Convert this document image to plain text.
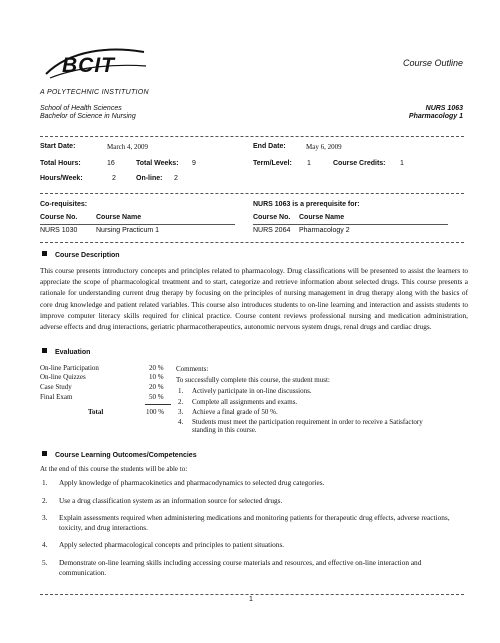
BCIT
A POLYTECHNIC INSTITUTION
Course Outline
School of Health Sciences
Bachelor of Science in Nursing
NURS 1063
Pharmacology 1
Start Date:	March 4, 2009	End Date:	May 6, 2009
Total Hours:	16	Total Weeks: 9	Term/Level: 1	Course Credits: 1
Hours/Week:	2	On-line: 2
Co-requisites:	NURS 1063 is a prerequisite for:
Course No.	Course Name	Course No. Course Name
NURS 1030	Nursing Practicum 1	NURS 2064 Pharmacology 2
Course Description
This course presents introductory concepts and principles related to pharmacology. Drug classifications will be presented to assist the learners to appreciate the scope of pharmacological treatment and to start, categorize and retrieve information about selected drugs. This course presents a rationale for understanding current drug therapy by focusing on the principles of nursing management in drug therapy along with the basics of core drug knowledge and patient related variables. This course also introduces students to on-line learning and interaction and assists students to improve computer literacy skills required for clinical practice. Course content reviews professional nursing and medication administration, adverse effects and drug interactions, geriatric pharmacotherapeutics, autonomic nervous system drugs, renal drugs and cardiac drugs.
Evaluation
On-line Participation	20 %
On-line Quizzes	10 %
Case Study	20 %
Final Exam	50 %
Total	100 %
Comments:
To successfully complete this course, the student must:
1. Actively participate in on-line discussions.
2. Complete all assignments and exams.
3. Achieve a final grade of 50 %.
4. Students must meet the participation requirement in order to receive a Satisfactory standing in this course.
Course Learning Outcomes/Competencies
At the end of this course the students will be able to:
1. Apply knowledge of pharmacokinetics and pharmacodynamics to selected drug categories.
2. Use a drug classification system as an information source for selected drugs.
3. Explain assessments required when administering medications and monitoring patients for therapeutic drug effects, adverse reactions, toxicity, and drug interactions.
4. Apply selected pharmacological concepts and principles to patient situations.
5. Demonstrate on-line learning skills including accessing course materials and resources, and effective on-line interaction and communication.
1
